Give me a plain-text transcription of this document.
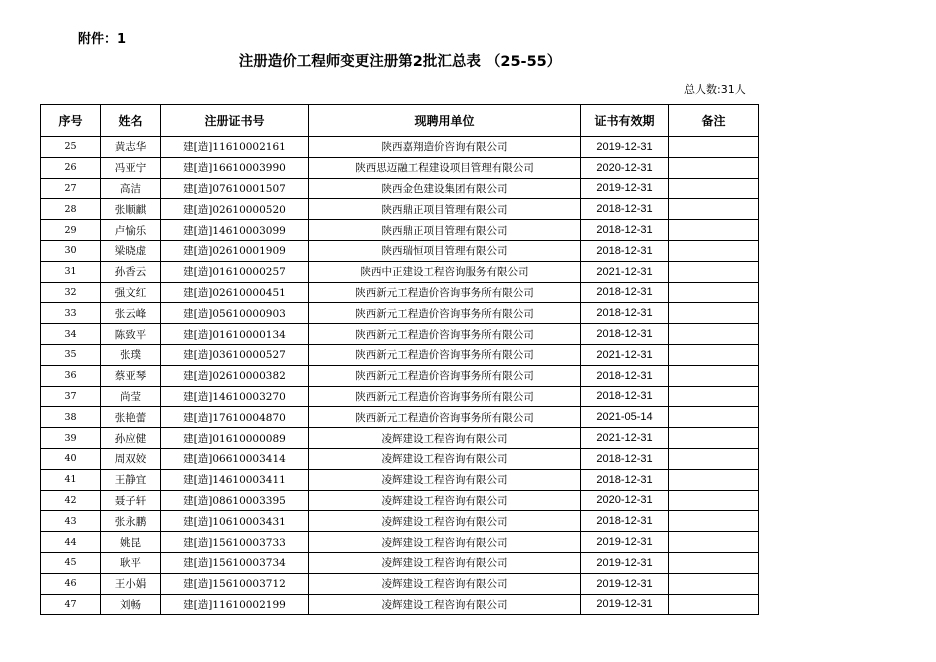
附件：1
注册造价工程师变更注册第2批汇总表 （25-55）
总人数:31人
序号	姓名	注册证书号	现聘用单位	证书有效期	备注
25	黄志华	建[造]11610002161	陕西嘉翔造价咨询有限公司	2019-12-31	
26	冯亚宁	建[造]16610003990	陕西思迈融工程建设项目管理有限公司	2020-12-31	
27	高洁	建[造]07610001507	陕西金色建设集团有限公司	2019-12-31	
28	张顺麒	建[造]02610000520	陕西鼎正项目管理有限公司	2018-12-31	
29	卢愉乐	建[造]14610003099	陕西鼎正项目管理有限公司	2018-12-31	
30	梁晓虚	建[造]02610001909	陕西瑞恒项目管理有限公司	2018-12-31	
31	孙香云	建[造]01610000257	陕西中正建设工程咨询服务有限公司	2021-12-31	
32	强文红	建[造]02610000451	陕西新元工程造价咨询事务所有限公司	2018-12-31	
33	张云峰	建[造]05610000903	陕西新元工程造价咨询事务所有限公司	2018-12-31	
34	陈致平	建[造]01610000134	陕西新元工程造价咨询事务所有限公司	2018-12-31	
35	张璞	建[造]03610000527	陕西新元工程造价咨询事务所有限公司	2021-12-31	
36	蔡亚琴	建[造]02610000382	陕西新元工程造价咨询事务所有限公司	2018-12-31	
37	尚莹	建[造]14610003270	陕西新元工程造价咨询事务所有限公司	2018-12-31	
38	张艳蕾	建[造]17610004870	陕西新元工程造价咨询事务所有限公司	2021-05-14	
39	孙应健	建[造]01610000089	凌辉建设工程咨询有限公司	2021-12-31	
40	周双姣	建[造]06610003414	凌辉建设工程咨询有限公司	2018-12-31	
41	王静宜	建[造]14610003411	凌辉建设工程咨询有限公司	2018-12-31	
42	聂子轩	建[造]08610003395	凌辉建设工程咨询有限公司	2020-12-31	
43	张永鹏	建[造]10610003431	凌辉建设工程咨询有限公司	2018-12-31	
44	姚昆	建[造]15610003733	凌辉建设工程咨询有限公司	2019-12-31	
45	耿平	建[造]15610003734	凌辉建设工程咨询有限公司	2019-12-31	
46	王小娟	建[造]15610003712	凌辉建设工程咨询有限公司	2019-12-31	
47	刘畅	建[造]11610002199	凌辉建设工程咨询有限公司	2019-12-31	
